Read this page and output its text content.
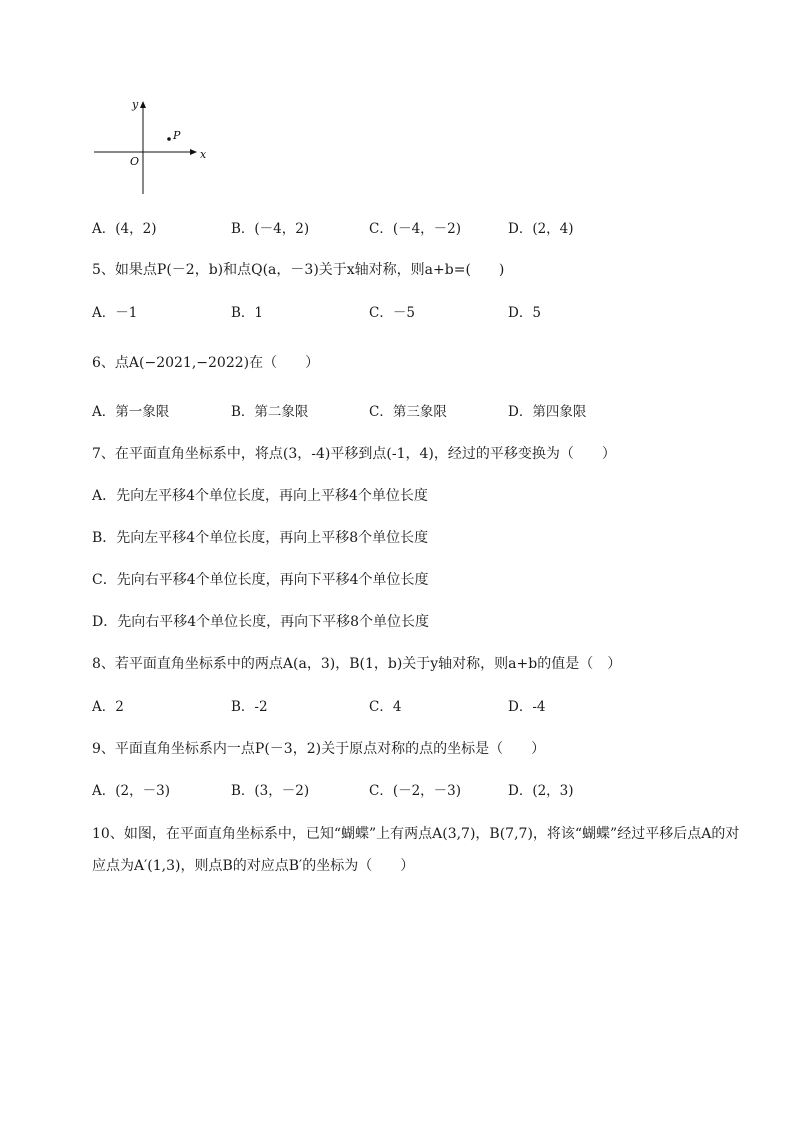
y
x
O
P
A．(4，2)	B．(－4，2)	C．(－4，－2)	D．(2，4)
5、如果点P(－2，b)和点Q(a，－3)关于x轴对称，则a+b=(　　)
A．－1	B．1	C．－5	D．5
6、点A(−2021,−2022)在（　　）
A．第一象限	B．第二象限	C．第三象限	D．第四象限
7、在平面直角坐标系中，将点(3，-4)平移到点(-1，4)，经过的平移变换为（　　）
A．先向左平移4个单位长度，再向上平移4个单位长度
B．先向左平移4个单位长度，再向上平移8个单位长度
C．先向右平移4个单位长度，再向下平移4个单位长度
D．先向右平移4个单位长度，再向下平移8个单位长度
8、若平面直角坐标系中的两点A(a，3)，B(1，b)关于y轴对称，则a+b的值是（　）
A．2	B．-2	C．4	D．-4
9、平面直角坐标系内一点P(－3，2)关于原点对称的点的坐标是（　　）
A．(2，－3)	B．(3，－2)	C．(－2，－3)	D．(2，3)
10、如图，在平面直角坐标系中，已知“蝴蝶”上有两点A(3,7)，B(7,7)，将该“蝴蝶”经过平移后点A的对应点为A′(1,3)，则点B的对应点B′的坐标为（　　）
